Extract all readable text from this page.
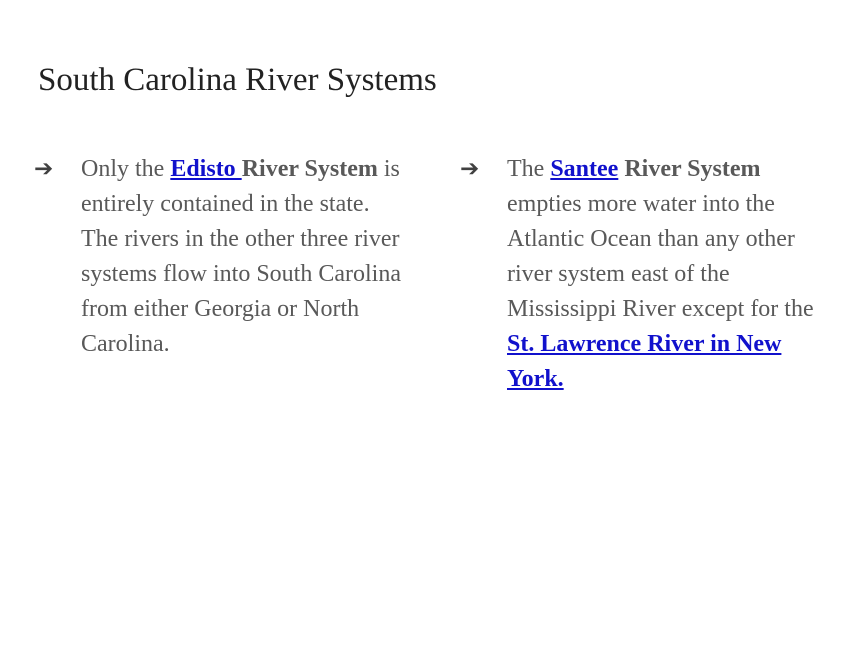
South Carolina River Systems
➔ Only the Edisto River System is entirely contained in the state. The rivers in the other three river systems flow into South Carolina from either Georgia or North Carolina.
➔ The Santee River System empties more water into the Atlantic Ocean than any other river system east of the Mississippi River except for the St. Lawrence River in New York.
